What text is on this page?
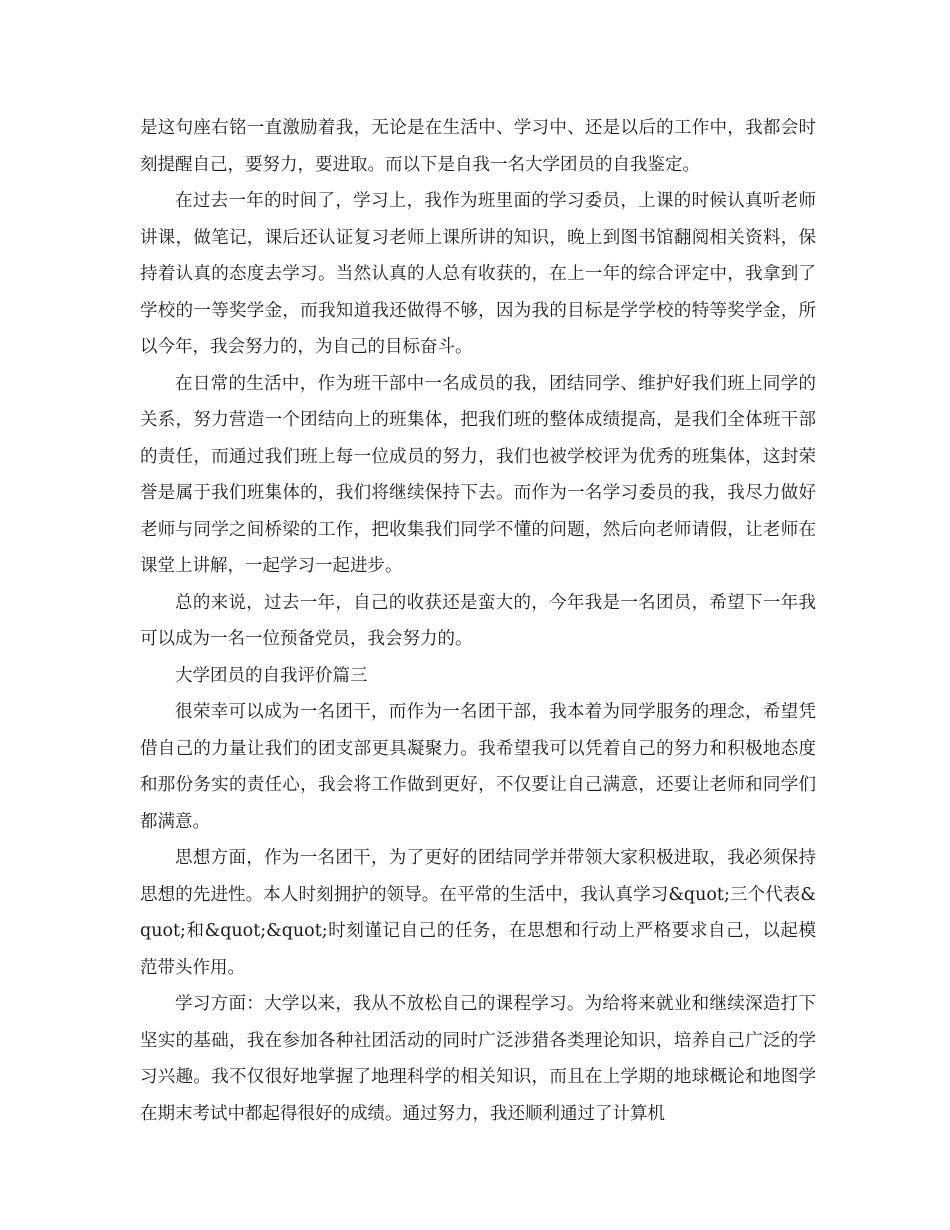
是这句座右铭一直激励着我，无论是在生活中、学习中、还是以后的工作中，我都会时刻提醒自己，要努力，要进取。而以下是自我一名大学团员的自我鉴定。

在过去一年的时间了，学习上，我作为班里面的学习委员，上课的时候认真听老师讲课，做笔记，课后还认证复习老师上课所讲的知识，晚上到图书馆翻阅相关资料，保持着认真的态度去学习。当然认真的人总有收获的，在上一年的综合评定中，我拿到了学校的一等奖学金，而我知道我还做得不够，因为我的目标是学学校的特等奖学金，所以今年，我会努力的，为自己的目标奋斗。

在日常的生活中，作为班干部中一名成员的我，团结同学、维护好我们班上同学的关系，努力营造一个团结向上的班集体，把我们班的整体成绩提高，是我们全体班干部的责任，而通过我们班上每一位成员的努力，我们也被学校评为优秀的班集体，这封荣誉是属于我们班集体的，我们将继续保持下去。而作为一名学习委员的我，我尽力做好老师与同学之间桥梁的工作，把收集我们同学不懂的问题，然后向老师请假，让老师在课堂上讲解，一起学习一起进步。

总的来说，过去一年，自己的收获还是蛮大的，今年我是一名团员，希望下一年我可以成为一名一位预备党员，我会努力的。

大学团员的自我评价篇三

很荣幸可以成为一名团干，而作为一名团干部，我本着为同学服务的理念，希望凭借自己的力量让我们的团支部更具凝聚力。我希望我可以凭着自己的努力和积极地态度和那份务实的责任心，我会将工作做到更好，不仅要让自己满意，还要让老师和同学们都满意。

思想方面，作为一名团干，为了更好的团结同学并带领大家积极进取，我必须保持思想的先进性。本人时刻拥护的领导。在平常的生活中，我认真学习&quot;三个代表&quot;和&quot;&quot;时刻谨记自己的任务，在思想和行动上严格要求自己，以起模范带头作用。

学习方面：大学以来，我从不放松自己的课程学习。为给将来就业和继续深造打下坚实的基础，我在参加各种社团活动的同时广泛涉猎各类理论知识，培养自己广泛的学习兴趣。我不仅很好地掌握了地理科学的相关知识，而且在上学期的地球概论和地图学在期末考试中都起得很好的成绩。通过努力，我还顺利通过了计算机
